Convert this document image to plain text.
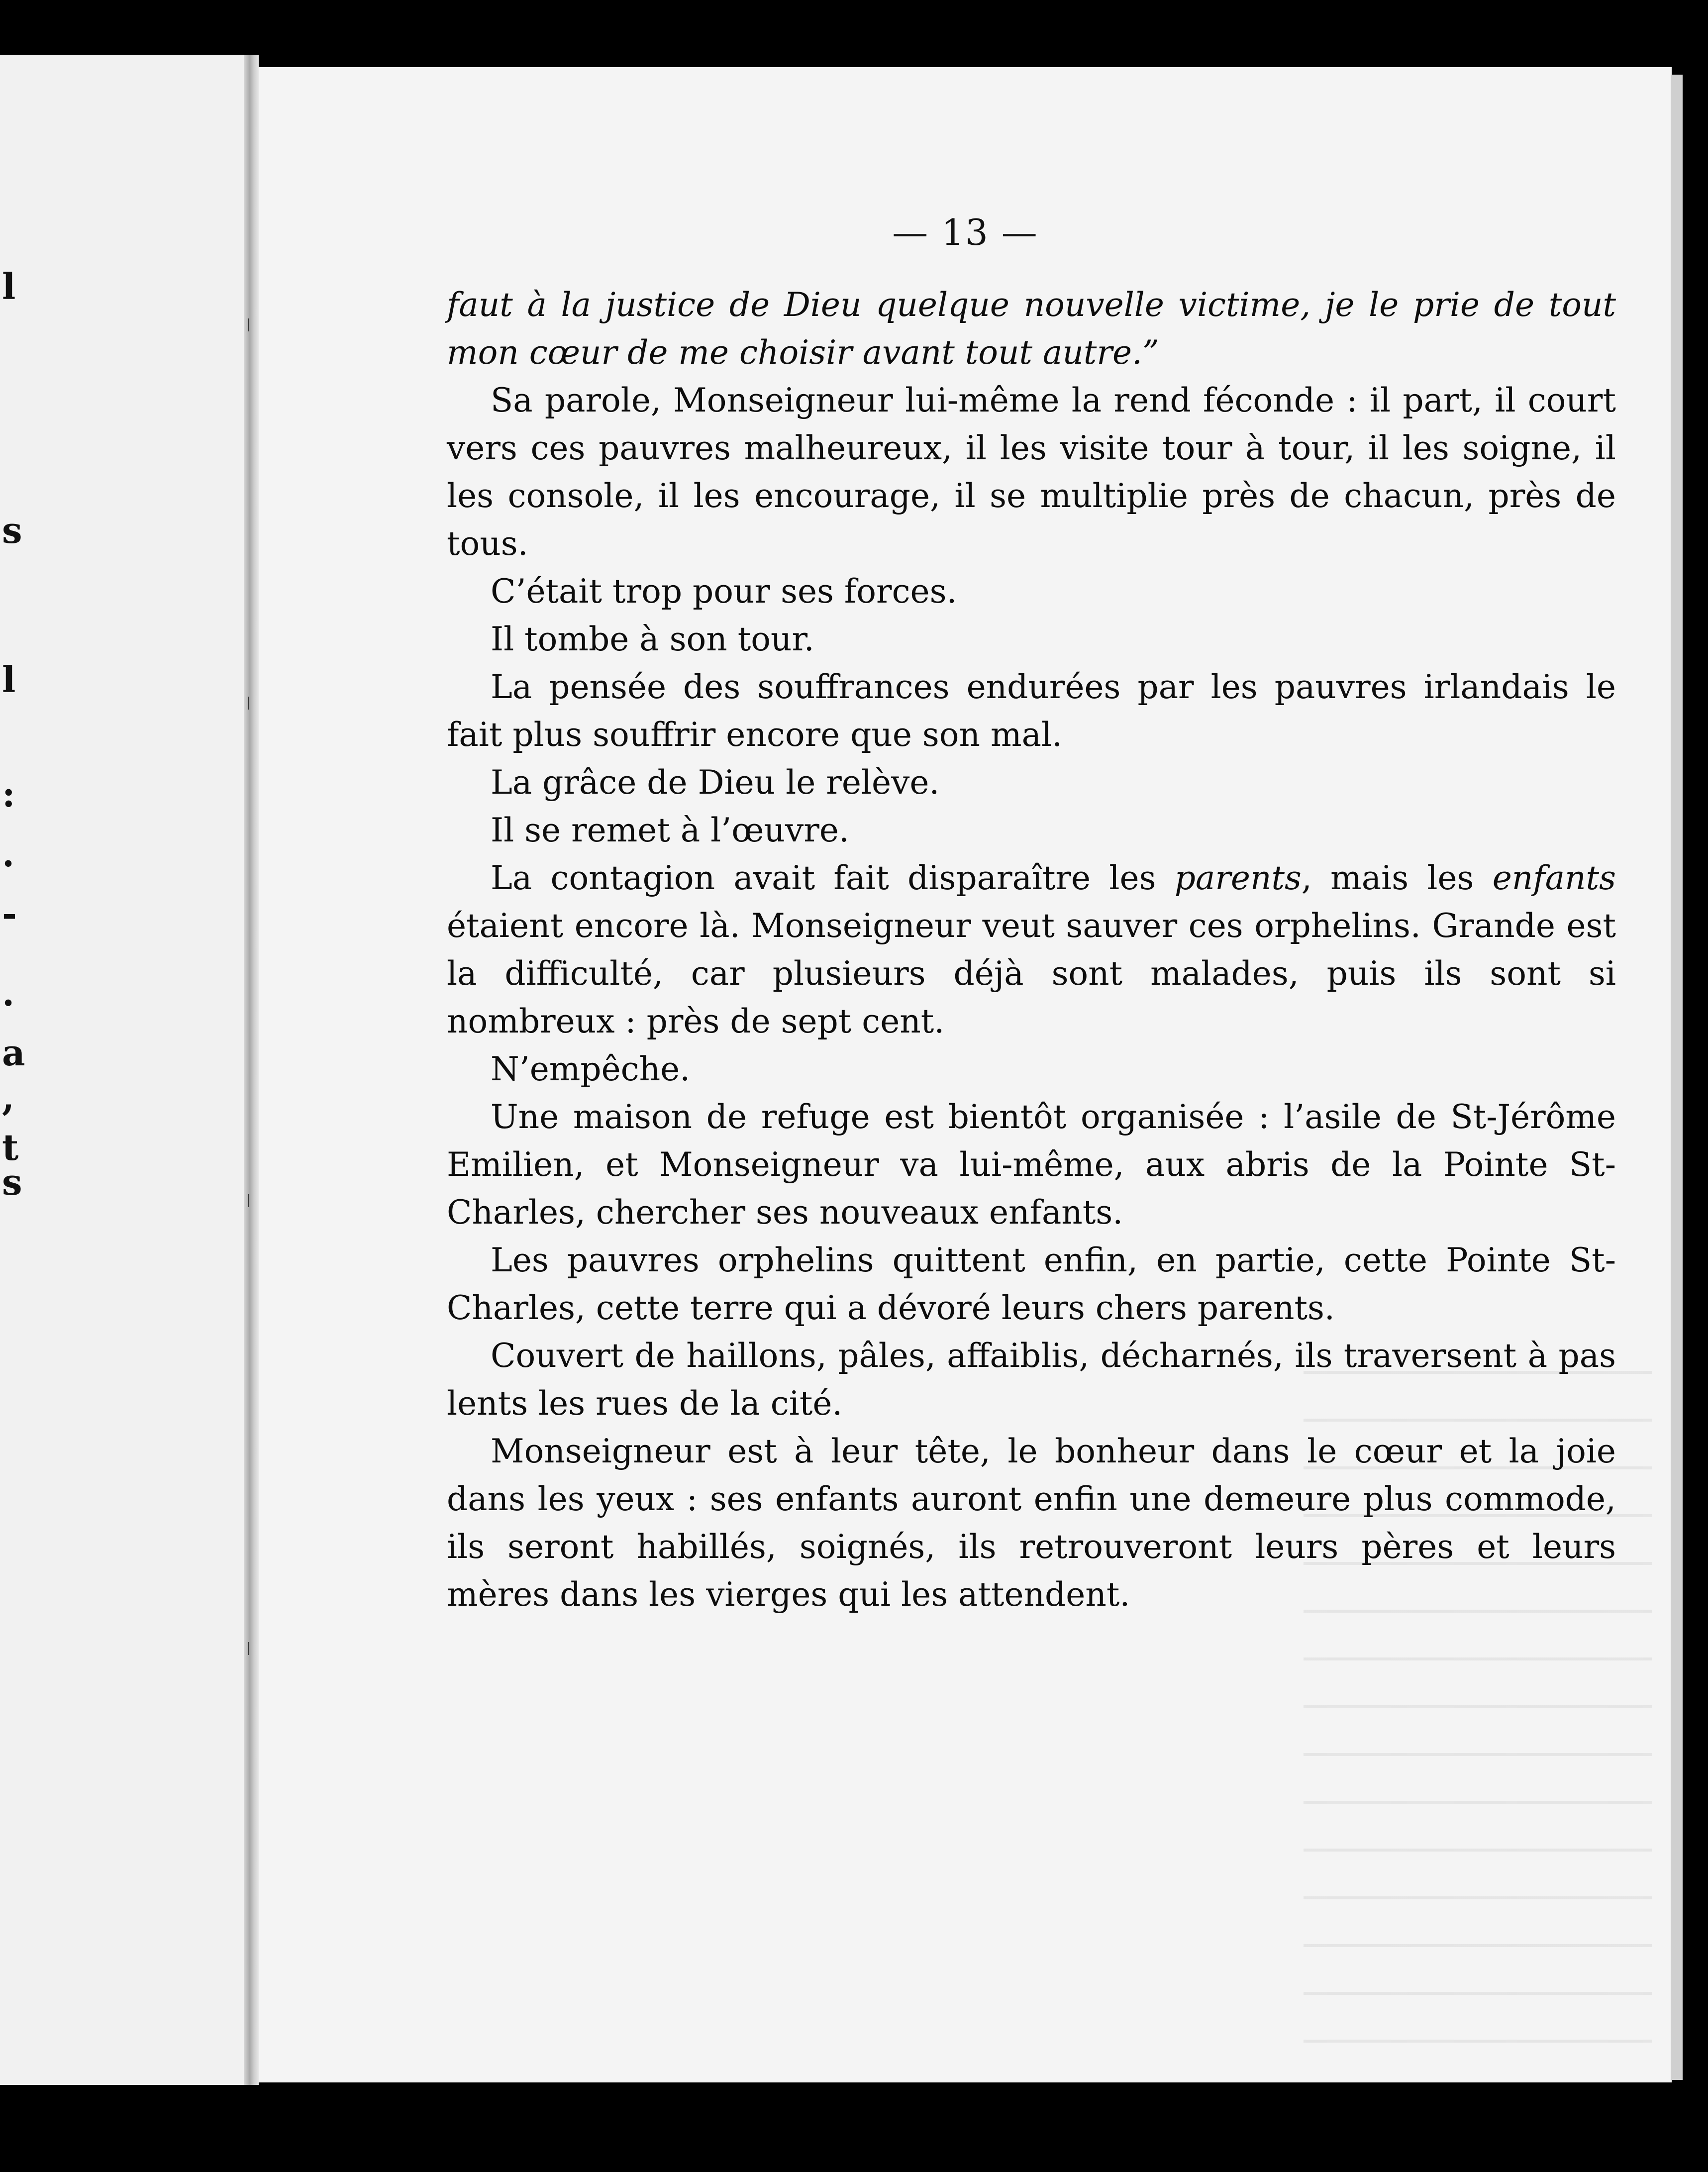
l
s
l
:
.
-
.
a
,
t
s
— 13 —

faut à la justice de Dieu quelque nouvelle victime, je le prie de tout mon cœur de me choisir avant tout autre.”

Sa parole, Monseigneur lui-même la rend féconde : il part, il court vers ces pauvres malheureux, il les visite tour à tour, il les soigne, il les console, il les encourage, il se multiplie près de chacun, près de tous.

C’était trop pour ses forces.

Il tombe à son tour.

La pensée des souffrances endurées par les pauvres irlandais le fait plus souffrir encore que son mal.

La grâce de Dieu le relève.

Il se remet à l’œuvre.

La contagion avait fait disparaître les parents, mais les enfants étaient encore là. Monseigneur veut sauver ces orphelins. Grande est la difficulté, car plusieurs déjà sont malades, puis ils sont si nombreux : près de sept cent.

N’empêche.

Une maison de refuge est bientôt organisée : l’asile de St-Jérôme Emilien, et Monseigneur va lui-même, aux abris de la Pointe St-Charles, chercher ses nouveaux enfants.

Les pauvres orphelins quittent enfin, en partie, cette Pointe St-Charles, cette terre qui a dévoré leurs chers parents.

Couvert de haillons, pâles, affaiblis, décharnés, ils traversent à pas lents les rues de la cité.

Monseigneur est à leur tête, le bonheur dans le cœur et la joie dans les yeux : ses enfants auront enfin une demeure plus commode, ils seront habillés, soignés, ils retrouveront leurs pères et leurs mères dans les vierges qui les attendent.
